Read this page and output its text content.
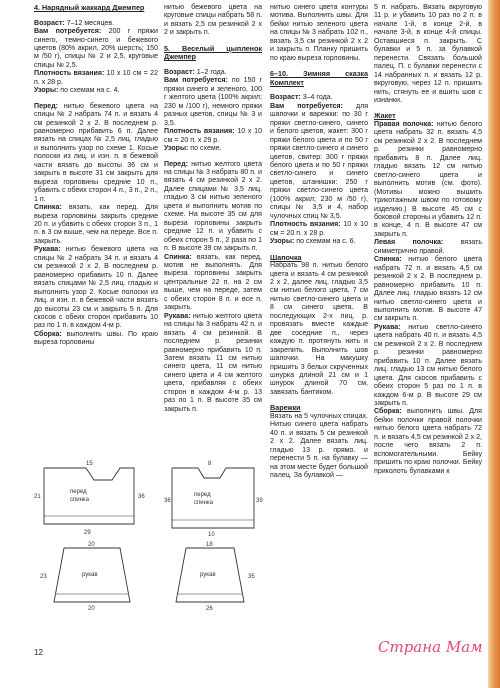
4. Нарядный жаккард Джемпер

Возраст: 7–12 месяцев.

Вам потребуется: 200 г пряжи синего, темно-синего и бежевого цветов (80% акрил, 20% шерсть; 150 м /50 г), спицы № 2 и 2,5, круговые спицы № 2,5.

Плотность вязания: 10 х 10 см = 22 п. х 28 р.

Узоры: по схемам на с. 4.

Перед: нитью бежевого цвета на спицы № 2 набрать 74 п. и вязать 4 см резинкой 2 х 2. В последнем р. равномерно прибавить 6 п. Далее вязать на спицах № 2,5 лиц. гладью и выполнить узор по схеме 1. Косые полоски из лиц. и изн. п. в бежевой части вязать до высоты 36 см и закрыть в высоте 31 см закрыть для выреза горловины средние 10 п., убавить с обеих сторон 4 п., 3 п., 2 п., 1 п.

Спинка: вязать, как перед. Для выреза горловины закрыть средние 20 п. и убавить с обеих сторон 3 п., 1 п. в 3 см выше, чем на переде. Все п. закрыть.

Рукава: нитью бежевого цвета на спицы № 2 набрать 34 п. и вязать 4 см резинкой 2 х 2. В последнем р. равномерно прибавить 10 п. Далее вязать спицами № 2,5 лиц. гладью и выполнить узор 2. Косые полоски из лиц. и изн. п. в бежевой части вязать до высоты 23 см и закрыть 5 п. Для скосов с обеих сторон прибавить 10 раз по 1 п. в каждом 4-м р.

Сборка: выполнить швы. По краю выреза горловины

нитью бежевого цвета на круговые спицы набрать 58 п. и вязать 2,5 см резинкой 2 х 2 и закрыть п.

5. Веселый цыпленок Джемпер

Возраст: 1–2 года.

Вам потребуется: по 150 г пряжи синего и зеленого, 100 г желтого цвета (100% акрил; 230 м /100 г), немного пряжи разных цветов, спицы № 3 и 3,5.

Плотность вязания: 10 х 10 см = 20 п. х 29 р.

Узоры: по схеме.

Перед: нитью желтого цвета на спицы № 3 набрать 80 п. и вязать 4 см резинкой 2 х 2. Далее спицами № 3,5 лиц. гладью 3 см нитью зеленого цвета и выполнить мотив по схеме. На высоте 35 см для выреза горловины закрыть средние 12 п. и убавить с обеих сторон 5 п., 2 раза по 1 п. В высоте 39 см закрыть п.

Спинка: вязать, как перед, мотив не выполнять. Для выреза горловины закрыть центральные 22 п. на 2 см выше, чем на переде, затем с обеих сторон 8 п. и все п. закрыть.

Рукава: нитью желтого цвета на спицы № 3 набрать 42 п. и вязать 4 см резинкой. В последнем р. резинки равномерно прибавить 10 п. Затем вязать 11 см нитью синего цвета, 11 см нитью синего цвета и 4 см желтого цвета, прибавляя с обеих сторон в каждом 4-м р. 13 раз по 1 п. В высоте 35 см закрыть п.

нитью синего цвета контуры мотива. Выполнить швы. Для бейки нитью зеленого цвета на спицы № 3 набрать 102 п., вязать 3,5 см резинкой 2 х 2 и закрыть п. Планку пришить по краю выреза горловины.

6–10. Зимняя сказка Комплект

Возраст: 3–4 года.

Вам потребуется: для шапочки и варежки: по 30 г пряжи светло-синего, синего и белого цветов, жакет: 300 г пряжи белого цвета и по 50 г пряжи светло-синего и синего цветов, свитер: 300 г пряжи белого цвета и по 50 г пряжи светло-синего и синего цветов, штанишки: 250 г пряжи светло-синего цвета (100% акрил; 230 м /50 г), спицы № 3,5 и 4, набор чулочных спиц № 3,5.

Плотность вязания: 10 х 10 см = 20 п. х 28 р.

Узоры: по схемам на с. 6.

Шапочка

Набрать 98 п. нитью белого цвета и вязать 4 см резинкой 2 х 2, далее лиц. гладью 3,5 см нитью белого цвета, 7 см нитью светло-синего цвета и 8 см синего цвета. В последующих 2-х лиц. р. провязать вместе каждые две соседние п., через каждую п. протянуть нить и закрепить. Выполнить шов шапочки. На макушку пришить 3 белых скрученных шнурка длиной 21 см и 1 шнурок длиной 70 см, завязать бантиком.

Варежки

Вязать на 5 чулочных спицах. Нитью синего цвета набрать 40 п. и вязать 5 см резинкой 2 х 2. Далее вязать лиц. гладью 13 р. прямо. и перенести 5 п. на булавку — на этом месте будет большой палец. За булавкой —

5 п. набрать. Вязать вкруговую 11 р. и убавить 10 раз по 2 п. в начале 1-й, в конце 2-й, в начале 3-й, в конце 4-й спицы. Оставшиеся п. закрыть. С булавки и 5 п. за булавкой перенести. Связать большой палец. П. с булавки перенести с 14 набранных п. и вязать 12 р. вкруговую, через 12 п. пришить нить, стянуть ее и вшить шов с изнанки.

Жакет

Правая полочка: нитью белого цвета набрать 32 п. вязать 4,5 см резинкой 2 х 2. В последнем р. резинки равномерно прибавить 8 п. Далее лиц. гладью вязать 12 см нитью светло-синего цвета и выполнить мотив (см. фото). (Мотивы можно вышить трикотажным швом по готовому изделию.) В высоте 45 см с боковой стороны и убавить 12 п. в конце, 4 п. В высоте 47 см закрыть п.

Левая полочка: вязать симметрично правой.

Спинка: нитью белого цвета набрать 72 п. и вязать 4,5 см резинкой 2 х 2. В последнем р. равномерно прибавить 10 п. Далее лиц. гладью вязать 12 см нитью светло-синего цвета и выполнить мотив. В высоте 47 см закрыть п.

Рукава: нитью светло-синего цвета набрать 40 п. и вязать 4,5 см резинкой 2 х 2. В последнем р. резинки равномерно прибавить 10 п. Далее вязать лиц. гладью 13 см нитью белого цвета. Для скосов прибавить с обеих сторон 5 раз по 1 п. в каждом 6-м р. В высоте 29 см закрыть п.

Сборка: выполнить швы. Для бейки полочки правой полочки нитью белого цвета набрать 72 п. и вязать 4,5 см резинкой 2 х 2, после чего вязать 2 п. вспомогательными. Бейку пришить по краю полочки. Бейку приколоть булавками к

перед
спинка
15
29
21	36
рукав
20
20
23
перед
спинка
8
10
36	39
рукав
18
26
35
12	Страна Мам
